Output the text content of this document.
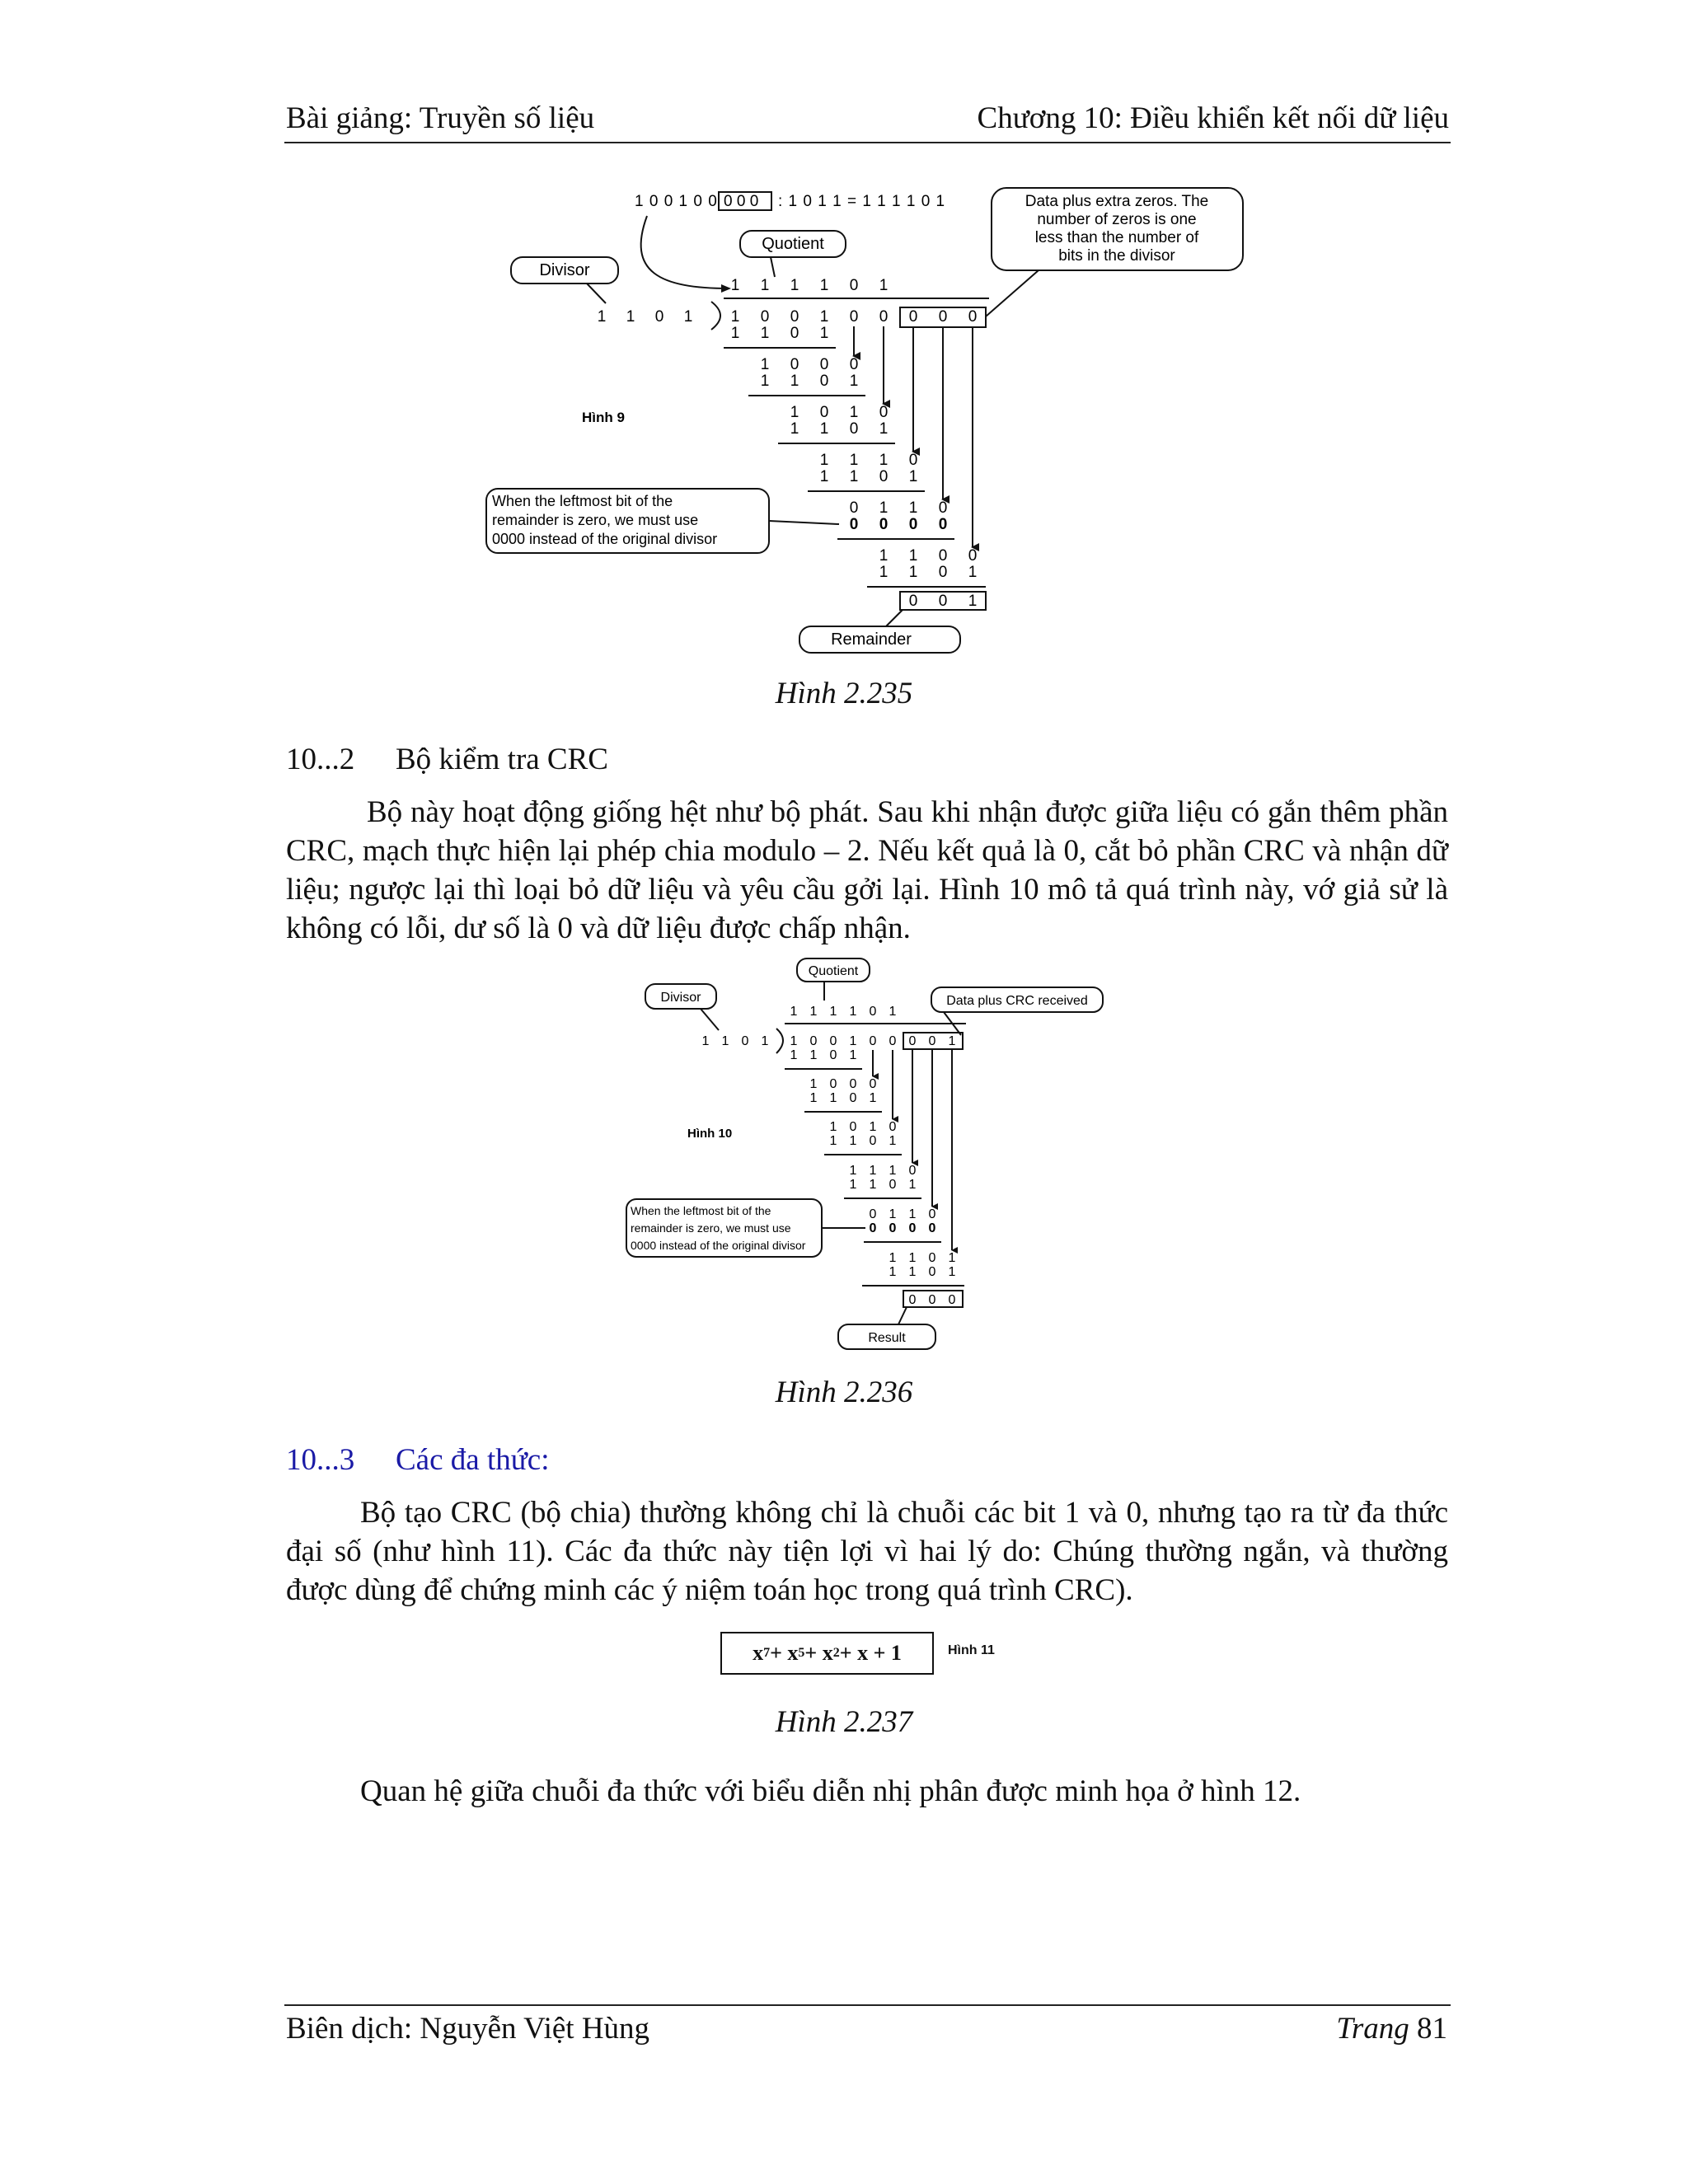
Bài giảng: Truyền số liệu	Chương 10: Điều khiển kết nối dữ liệu
1 0 0 1 0 0 0 0 0 : 1 0 1 1 = 1 1 1 1 0 1	Data plus extra zeros. The
number of zeros is one
less than the number of
bits in the divisor
Quotient
Divisor
1 1 1 1 0 1
1 1 0 1 1 0 0 1 0 0 0 0 0
1 1 0 1
1 0 0 0
1 1 0 1
1 0 1 0
1 1 0 1
1 1 1 0
1 1 0 1
0 1 1 0
0 0 0 0
1 1 0 0
1 1 0 1
0 0 1
Remainder
Hình 9
When the leftmost bit of the
remainder is zero, we must use
0000 instead of the original divisor
Hình 2.235
10...2 Bộ kiểm tra CRC

Bộ này hoạt động giống hệt như bộ phát. Sau khi nhận được giữa liệu có gắn thêm phần CRC, mạch thực hiện lại phép chia modulo – 2. Nếu kết quả là 0, cắt bỏ phần CRC và nhận dữ liệu; ngược lại thì loại bỏ dữ liệu và yêu cầu gởi lại. Hình 10 mô tả quá trình này, vớ giả sử là không có lỗi, dư số là 0 và dữ liệu được chấp nhận.

Quotient
Divisor	Data plus CRC received
1 1 1 1 0 1
1 1 0 1 1 0 0 1 0 0 0 0 1
1 1 0 1
1 0 0 0
1 1 0 1
1 0 1 0
1 1 0 1
1 1 1 0
1 1 0 1
0 1 1 0
0 0 0 0
1 1 0 1
1 1 0 1
0 0 0
Result
Hình 10
When the leftmost bit of the
remainder is zero, we must use
0000 instead of the original divisor
Hình 2.236
10...3 Các đa thức:

Bộ tạo CRC (bộ chia) thường không chỉ là chuỗi các bit 1 và 0, nhưng tạo ra từ đa thức đại số (như hình 11). Các đa thức này tiện lợi vì hai lý do: Chúng thường ngắn, và thường được dùng để chứng minh các ý niệm toán học trong quá trình CRC).

x 7 + x 5 + x 2 + x + 1	Hình 11
Hình 2.237

Quan hệ giữa chuỗi đa thức với biểu diễn nhị phân được minh họa ở hình 12.

Biên dịch: Nguyễn Việt Hùng	Trang 81
